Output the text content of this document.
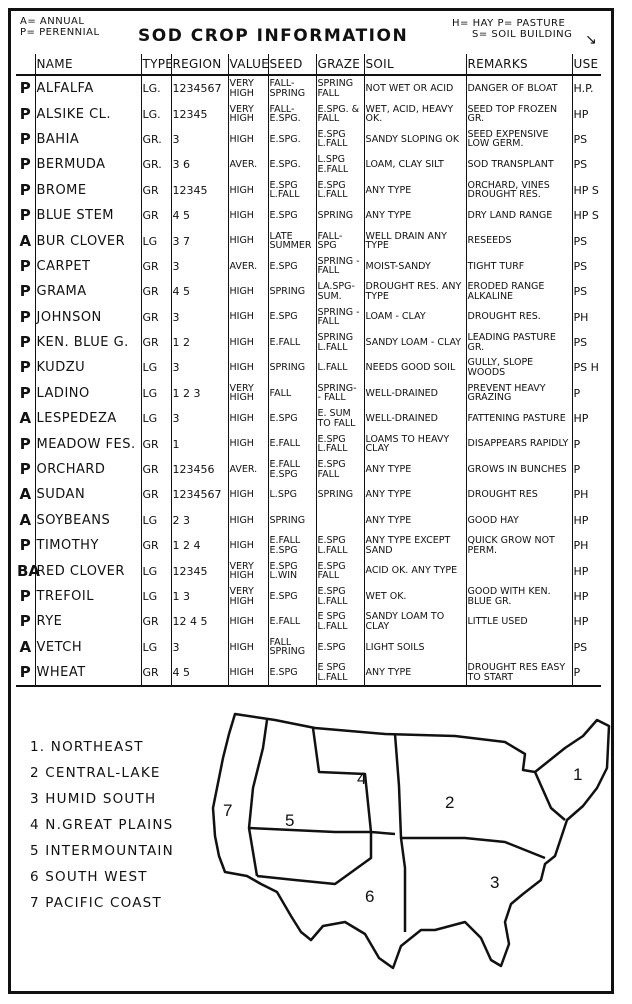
A= ANNUAL
P= PERENNIAL SOD CROP INFORMATION
H= HAY P= PASTURE
S= SOIL BUILDING ↘
	NAME	TYPE	REGION	VALUE	SEED	GRAZE	SOIL	REMARKS	USE
P	ALFALFA	LG.	1234567	VERY HIGH	FALL- SPRING	SPRING FALL	NOT WET OR ACID	DANGER OF BLOAT	H.P.
P	ALSIKE CL.	LG.	12345	VERY HIGH	FALL- E.SPG.	E.SPG. & FALL	WET, ACID, HEAVY OK.	SEED TOP FROZEN GR.	HP
P	BAHIA	GR.	3	HIGH	E.SPG.	E.SPG L.FALL	SANDY SLOPING OK	SEED EXPENSIVE LOW GERM.	PS
P	BERMUDA	GR.	3 6	AVER.	E.SPG.	L.SPG E.FALL	LOAM, CLAY SILT	SOD TRANSPLANT	PS
P	BROME	GR	12345	HIGH	E.SPG L.FALL	E.SPG L.FALL	ANY TYPE	ORCHARD, VINES DROUGHT RES.	HP S
P	BLUE STEM	GR	4 5	HIGH	E.SPG	SPRING	ANY TYPE	DRY LAND RANGE	HP S
A	BUR CLOVER	LG	3 7	HIGH	LATE SUMMER	FALL- SPG	WELL DRAIN ANY TYPE	RESEEDS	PS
P	CARPET	GR	3	AVER.	E.SPG	SPRING - FALL	MOIST-SANDY	TIGHT TURF	PS
P	GRAMA	GR	4 5	HIGH	SPRING	LA.SPG- SUM.	DROUGHT RES. ANY TYPE	ERODED RANGE ALKALINE	PS
P	JOHNSON	GR	3	HIGH	E.SPG	SPRING - FALL	LOAM - CLAY	DROUGHT RES.	PH
P	KEN. BLUE G.	GR	1 2	HIGH	E.FALL	SPRING L.FALL	SANDY LOAM - CLAY	LEADING PASTURE GR.	PS
P	KUDZU	LG	3	HIGH	SPRING	L.FALL	NEEDS GOOD SOIL	GULLY, SLOPE WOODS	PS H
P	LADINO	LG	1 2 3	VERY HIGH	FALL	SPRING- - FALL	WELL-DRAINED	PREVENT HEAVY GRAZING	P
A	LESPEDEZA	LG	3	HIGH	E.SPG	E. SUM TO FALL	WELL-DRAINED	FATTENING PASTURE	HP
P	MEADOW FES.	GR	1	HIGH	E.FALL	E.SPG L.FALL	LOAMS TO HEAVY CLAY	DISAPPEARS RAPIDLY	P
P	ORCHARD	GR	123456	AVER.	E.FALL E.SPG	E.SPG FALL	ANY TYPE	GROWS IN BUNCHES	P
A	SUDAN	GR	1234567	HIGH	L.SPG	SPRING	ANY TYPE	DROUGHT RES	PH
A	SOYBEANS	LG	2 3	HIGH	SPRING		ANY TYPE	GOOD HAY	HP
P	TIMOTHY	GR	1 2 4	HIGH	E.FALL E.SPG	E.SPG L.FALL	ANY TYPE EXCEPT SAND	QUICK GROW NOT PERM.	PH
BA	RED CLOVER	LG	12345	VERY HIGH	E.SPG L.WIN	E.SPG FALL	ACID OK. ANY TYPE		HP
P	TREFOIL	LG	1 3	VERY HIGH	E.SPG	E.SPG L.FALL	WET OK.	GOOD WITH KEN. BLUE GR.	HP
P	RYE	GR	12 4 5	HIGH	E.FALL	E SPG L.FALL	SANDY LOAM TO CLAY	LITTLE USED	HP
A	VETCH	LG	3	HIGH	FALL SPRING	E.SPG	LIGHT SOILS		PS
P	WHEAT	GR	4 5	HIGH	E.SPG	E SPG L.FALL	ANY TYPE	DROUGHT RES EASY TO START	P
1. NORTHEAST
2 CENTRAL-LAKE
3 HUMID SOUTH
4 N.GREAT PLAINS
5 INTERMOUNTAIN
6 SOUTH WEST
7 PACIFIC COAST
1
2
3
4
5
6
7
